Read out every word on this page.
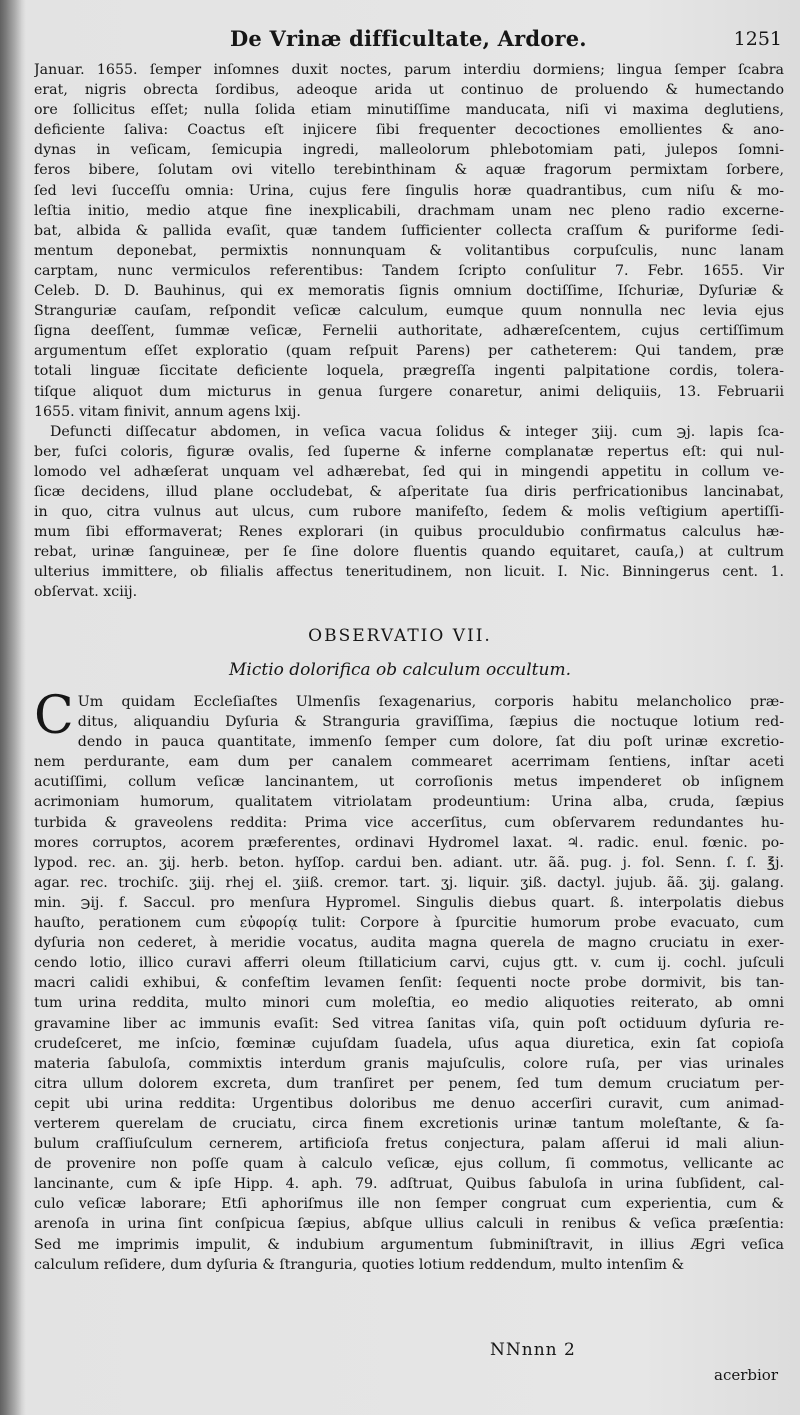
De Vrinæ difficultate, Ardore.	1251
Januar. 1655. ſemper inſomnes duxit noctes, parum interdiu dormiens; lingua ſemper ſcabra
erat, nigris obrecta ſordibus, adeoque arida ut continuo de proluendo & humectando
ore ſollicitus eſſet; nulla ſolida etiam minutiſſime manducata, niſi vi maxima deglutiens,
deficiente ſaliva: Coactus eſt injicere ſibi frequenter decoctiones emollientes & ano-
dynas in veſicam, ſemicupia ingredi, malleolorum phlebotomiam pati, julepos ſomni-
feros bibere, ſolutam ovi vitello terebinthinam & aquæ fragorum permixtam ſorbere,
ſed levi ſucceſſu omnia: Urina, cujus fere ſingulis horæ quadrantibus, cum niſu & mo-
leſtia initio, medio atque fine inexplicabili, drachmam unam nec pleno radio excerne-
bat, albida & pallida evaſit, quæ tandem ſufficienter collecta craſſum & puriforme ſedi-
mentum deponebat, permixtis nonnunquam & volitantibus corpuſculis, nunc lanam
carptam, nunc vermiculos referentibus: Tandem ſcripto conſulitur 7. Febr. 1655. Vir
Celeb. D. D. Bauhinus, qui ex memoratis ſignis omnium doctiſſime, Iſchuriæ, Dyſuriæ &
Stranguriæ cauſam, reſpondit veſicæ calculum, eumque quum nonnulla nec levia ejus
ſigna deeſſent, ſummæ veſicæ, Fernelii authoritate, adhæreſcentem, cujus certiſſimum
argumentum eſſet exploratio (quam reſpuit Parens) per catheterem: Qui tandem, præ
totali linguæ ſiccitate deficiente loquela, prægreſſa ingenti palpitatione cordis, tolera-
tiſque aliquot dum micturus in genua ſurgere conaretur, animi deliquiis, 13. Februarii
1655. vitam finivit, annum agens lxij.
Defuncti diſſecatur abdomen, in veſica vacua ſolidus & integer ʒiij. cum ℈j. lapis ſca-
ber, fuſci coloris, figuræ ovalis, ſed ſuperne & inferne complanatæ repertus eſt: qui nul-
lomodo vel adhæſerat unquam vel adhærebat, ſed qui in mingendi appetitu in collum ve-
ſicæ decidens, illud plane occludebat, & aſperitate ſua diris perfricationibus lancinabat,
in quo, citra vulnus aut ulcus, cum rubore manifeſto, ſedem & molis veſtigium apertiſſi-
mum ſibi efformaverat; Renes explorari (in quibus proculdubio confirmatus calculus hæ-
rebat, urinæ ſanguineæ, per ſe ſine dolore fluentis quando equitaret, cauſa,) at cultrum
ulterius immittere, ob filialis affectus teneritudinem, non licuit. I. Nic. Binningerus cent. 1.
obſervat. xciij.
OBSERVATIO VII.
Mictio dolorifica ob calculum occultum.
C Um quidam Eccleſiaſtes Ulmenſis ſexagenarius, corporis habitu melancholico præ-
ditus, aliquandiu Dyſuria & Stranguria graviſſima, ſæpius die noctuque lotium red-
dendo in pauca quantitate, immenſo ſemper cum dolore, ſat diu poſt urinæ excretio-
nem perdurante, eam dum per canalem commearet acerrimam ſentiens, inſtar aceti
acutiſſimi, collum veſicæ lancinantem, ut corroſionis metus impenderet ob inſignem
acrimoniam humorum, qualitatem vitriolatam prodeuntium: Urina alba, cruda, ſæpius
turbida & graveolens reddita: Prima vice accerſitus, cum obſervarem redundantes hu-
mores corruptos, acorem præferentes, ordinavi Hydromel laxat. ♃. radic. enul. fœnic. po-
lypod. rec. an. ʒij. herb. beton. hyſſop. cardui ben. adiant. utr. ãã. pug. j. fol. Senn. ſ. ſ. ℥j.
agar. rec. trochiſc. ʒiij. rhej el. ʒiiß. cremor. tart. ʒj. liquir. ʒiß. dactyl. jujub. ãã. ʒij. galang.
min. ℈ij. f. Saccul. pro menſura Hypromel. Singulis diebus quart. ß. interpolatis diebus
hauſto, perationem cum εὐφορίᾳ tulit: Corpore à ſpurcitie humorum probe evacuato, cum
dyſuria non cederet, à meridie vocatus, audita magna querela de magno cruciatu in exer-
cendo lotio, illico curavi afferri oleum ſtillaticium carvi, cujus gtt. v. cum ij. cochl. juſculi
macri calidi exhibui, & confeſtim levamen ſenſit: ſequenti nocte probe dormivit, bis tan-
tum urina reddita, multo minori cum moleſtia, eo medio aliquoties reiterato, ab omni
gravamine liber ac immunis evaſit: Sed vitrea ſanitas viſa, quin poſt octiduum dyſuria re-
crudeſceret, me inſcio, fœminæ cujuſdam ſuadela, uſus aqua diuretica, exin ſat copioſa
materia ſabuloſa, commixtis interdum granis majuſculis, colore ruſa, per vias urinales
citra ullum dolorem excreta, dum tranſiret per penem, ſed tum demum cruciatum per-
cepit ubi urina reddita: Urgentibus doloribus me denuo accerſiri curavit, cum animad-
verterem querelam de cruciatu, circa finem excretionis urinæ tantum moleſtante, & ſa-
bulum craſſiuſculum cernerem, artificioſa fretus conjectura, palam aſſerui id mali aliun-
de provenire non poſſe quam à calculo veſicæ, ejus collum, ſi commotus, vellicante ac
lancinante, cum & ipſe Hipp. 4. aph. 79. adſtruat, Quibus ſabuloſa in urina ſubſident, cal-
culo veſicæ laborare; Etſi aphoriſmus ille non ſemper congruat cum experientia, cum &
arenoſa in urina ſint conſpicua ſæpius, abſque ullius calculi in renibus & veſica præſentia:
Sed me imprimis impulit, & indubium argumentum ſubminiſtravit, in illius Ægri veſica
calculum reſidere, dum dyſuria & ſtranguria, quoties lotium reddendum, multo intenſim &
NNnnn 2
acerbior
